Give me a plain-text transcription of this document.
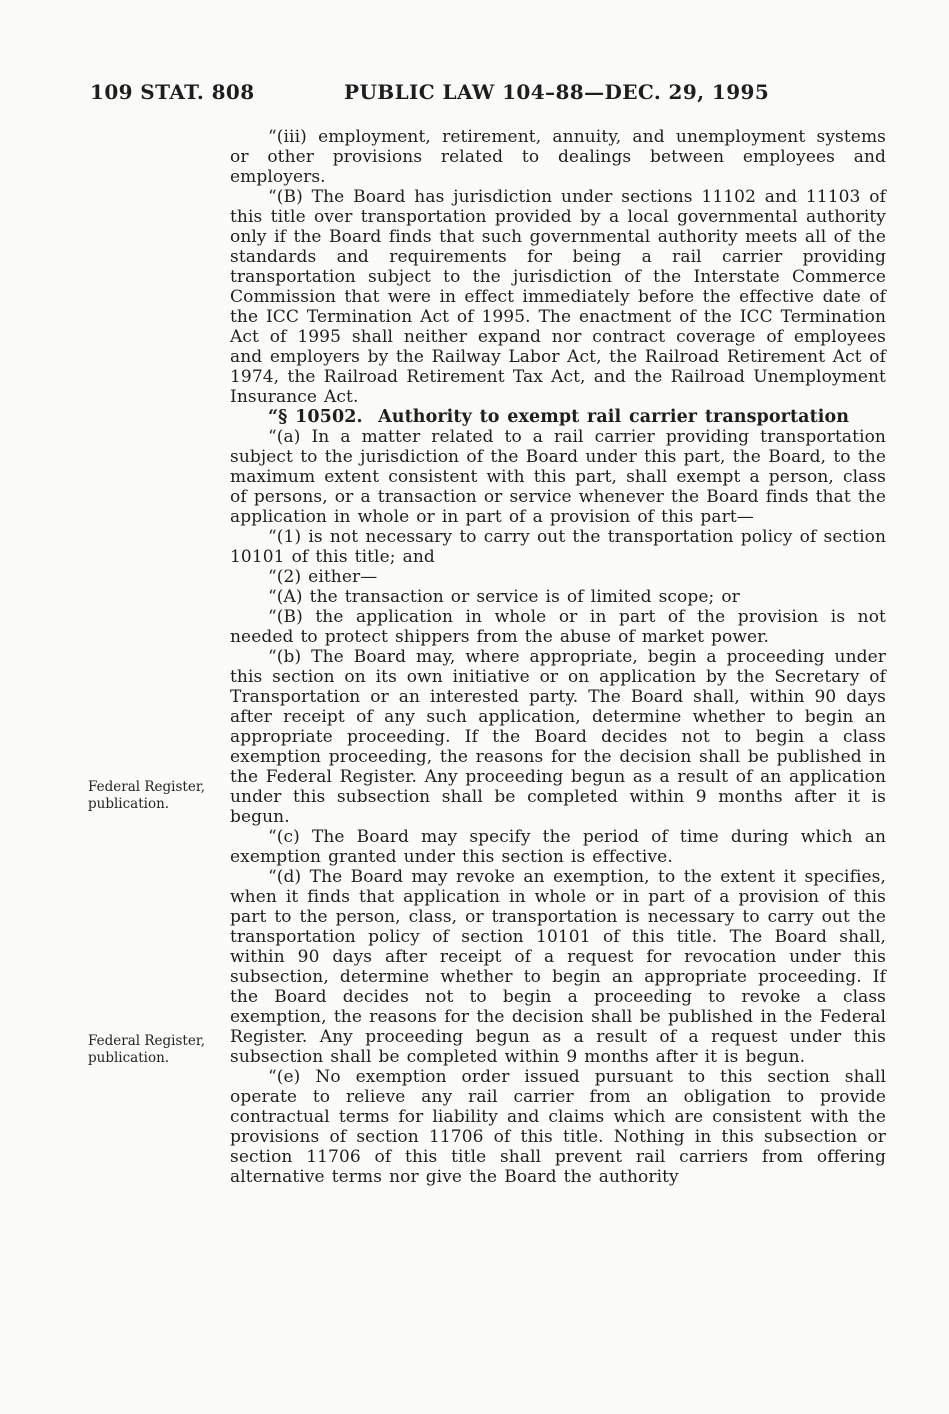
109 STAT. 808	PUBLIC LAW 104–88—DEC. 29, 1995
Federal Register, publication.
Federal Register, publication.

“(iii) employment, retirement, annuity, and unemployment systems or other provisions related to dealings between employees and employers.

“(B) The Board has jurisdiction under sections 11102 and 11103 of this title over transportation provided by a local governmental authority only if the Board finds that such governmental authority meets all of the standards and requirements for being a rail carrier providing transportation subject to the jurisdiction of the Interstate Commerce Commission that were in effect immediately before the effective date of the ICC Termination Act of 1995. The enactment of the ICC Termination Act of 1995 shall neither expand nor contract coverage of employees and employers by the Railway Labor Act, the Railroad Retirement Act of 1974, the Railroad Retirement Tax Act, and the Railroad Unemployment Insurance Act.

“§ 10502.  Authority to exempt rail carrier transportation

“(a) In a matter related to a rail carrier providing transportation subject to the jurisdiction of the Board under this part, the Board, to the maximum extent consistent with this part, shall exempt a person, class of persons, or a transaction or service whenever the Board finds that the application in whole or in part of a provision of this part—

“(1) is not necessary to carry out the transportation policy of section 10101 of this title; and

“(2) either—

“(A) the transaction or service is of limited scope; or

“(B) the application in whole or in part of the provision is not needed to protect shippers from the abuse of market power.

“(b) The Board may, where appropriate, begin a proceeding under this section on its own initiative or on application by the Secretary of Transportation or an interested party. The Board shall, within 90 days after receipt of any such application, determine whether to begin an appropriate proceeding. If the Board decides not to begin a class exemption proceeding, the reasons for the decision shall be published in the Federal Register. Any proceeding begun as a result of an application under this subsection shall be completed within 9 months after it is begun.

“(c) The Board may specify the period of time during which an exemption granted under this section is effective.

“(d) The Board may revoke an exemption, to the extent it specifies, when it finds that application in whole or in part of a provision of this part to the person, class, or transportation is necessary to carry out the transportation policy of section 10101 of this title. The Board shall, within 90 days after receipt of a request for revocation under this subsection, determine whether to begin an appropriate proceeding. If the Board decides not to begin a proceeding to revoke a class exemption, the reasons for the decision shall be published in the Federal Register. Any proceeding begun as a result of a request under this subsection shall be completed within 9 months after it is begun.

“(e) No exemption order issued pursuant to this section shall operate to relieve any rail carrier from an obligation to provide contractual terms for liability and claims which are consistent with the provisions of section 11706 of this title. Nothing in this subsection or section 11706 of this title shall prevent rail carriers from offering alternative terms nor give the Board the authority
